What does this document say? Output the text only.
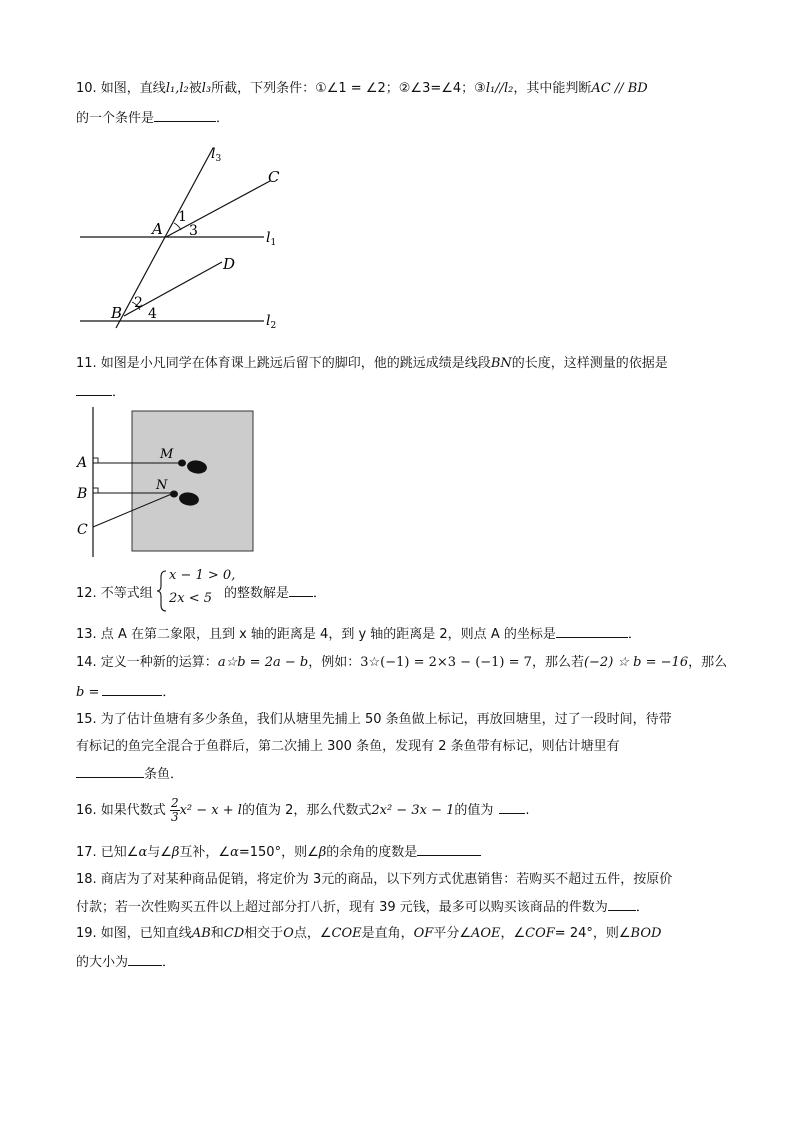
10. 如图，直线l₁,l₂被l₃所截，下列条件：①∠1 = ∠2；②∠3=∠4；③l₁//l₂，其中能判断AC // BD
的一个条件是	．
$l_3$
C
1
A 3	$l_1$
D
2
B 4	$l_2$
11. 如图是小凡同学在体育课上跳远后留下的脚印，他的跳远成绩是线段BN的长度，这样测量的依据是
．
A
B
C
M
N
12. 不等式组
x − 1 > 0,
2x < 5 的整数解是 ．
13. 点 A 在第二象限，且到 x 轴的距离是 4，到 y 轴的距离是 2，则点 A 的坐标是	．
14. 定义一种新的运算：a☆b = 2a − b，例如：3☆(−1) = 2×3 − (−1) = 7，那么若(−2) ☆ b = −16，那么
b =	．
15. 为了估计鱼塘有多少条鱼，我们从塘里先捕上 50 条鱼做上标记，再放回塘里，过了一段时间，待带
有标记的鱼完全混合于鱼群后，第二次捕上 300 条鱼，发现有 2 条鱼带有标记，则估计塘里有
条鱼．
16. 如果代数式 $\frac{2}{3} x^2 - x + l$的值为 2，那么代数式2x² − 3x − 1的值为 .
17. 已知∠α与∠β互补，∠α=150°，则∠β的余角的度数是
18. 商店为了对某种商品促销，将定价为 3元的商品，以下列方式优惠销售：若购买不超过五件，按原价
付款；若一次性购买五件以上超过部分打八折，现有 39 元钱，最多可以购买该商品的件数为 ．
19. 如图，已知直线AB和CD相交于O点，∠COE是直角，OF平分∠AOE，∠COF= 24°，则∠BOD
的大小为	．
